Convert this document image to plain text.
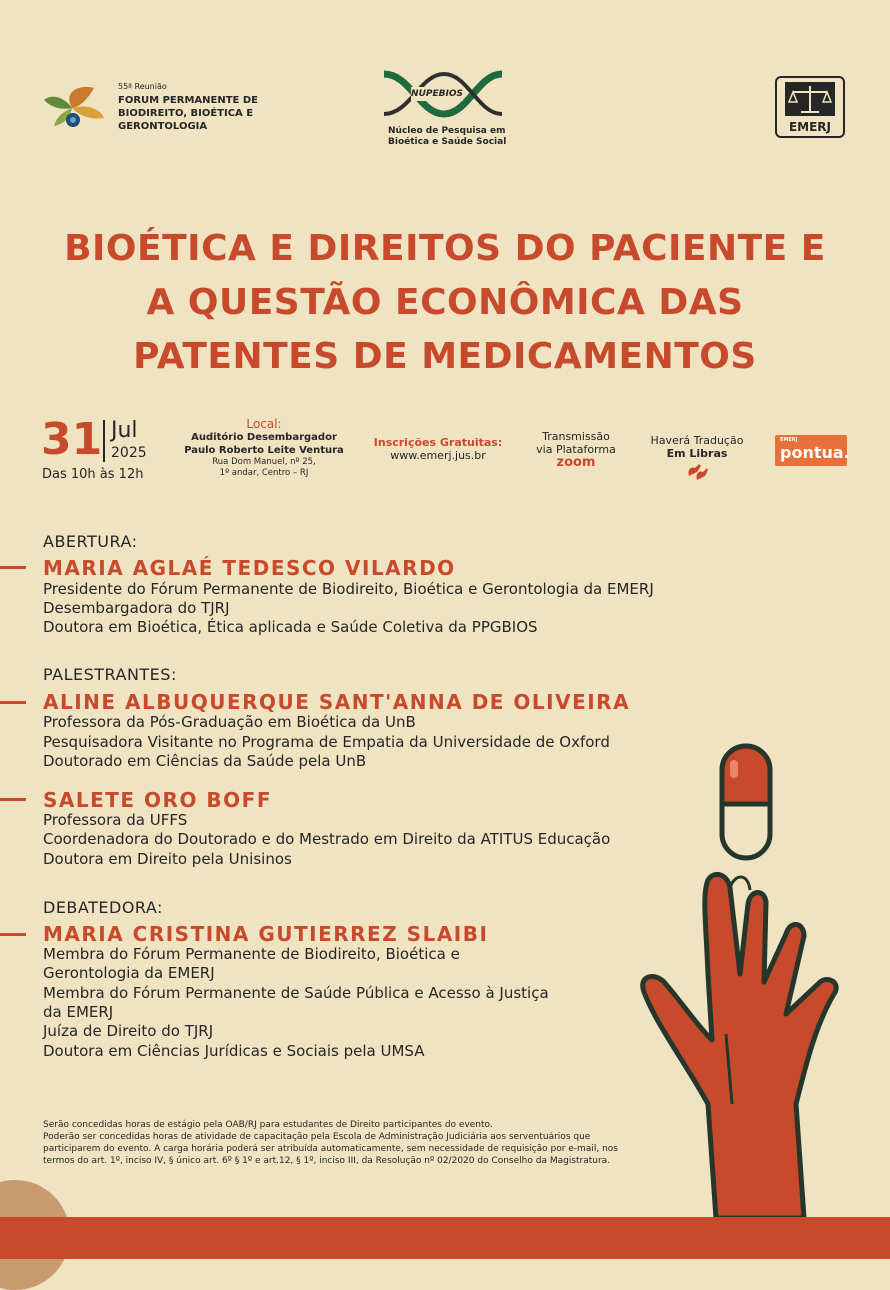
55ª Reunião
FORUM PERMANENTE DE
BIODIREITO, BIOÉTICA E
GERONTOLOGIA
NUPEBIOS
Núcleo de Pesquisa em
Bioética e Saúde Social
EMERJ
BIOÉTICA E DIREITOS DO PACIENTE E
A QUESTÃO ECONÔMICA DAS
PATENTES DE MEDICAMENTOS
31 Jul
2025
Das 10h às 12h
Local:
Auditório Desembargador
Paulo Roberto Leite Ventura
Rua Dom Manuel, nº 25,
1º andar, Centro – RJ
Inscrições Gratuitas:
www.emerj.jus.br
Transmissão
via Plataforma
zoom
Haverá Tradução
Em Libras
EMERJ
pontua.
ABERTURA:
MARIA AGLAÉ TEDESCO VILARDO
Presidente do Fórum Permanente de Biodireito, Bioética e Gerontologia da EMERJ
Desembargadora do TJRJ
Doutora em Bioética, Ética aplicada e Saúde Coletiva da PPGBIOS
PALESTRANTES:
ALINE ALBUQUERQUE SANT'ANNA DE OLIVEIRA
Professora da Pós-Graduação em Bioética da UnB
Pesquisadora Visitante no Programa de Empatia da Universidade de Oxford
Doutorado em Ciências da Saúde pela UnB
SALETE ORO BOFF
Professora da UFFS
Coordenadora do Doutorado e do Mestrado em Direito da ATITUS Educação
Doutora em Direito pela Unisinos
DEBATEDORA:
MARIA CRISTINA GUTIERREZ SLAIBI
Membra do Fórum Permanente de Biodireito, Bioética e
Gerontologia da EMERJ
Membra do Fórum Permanente de Saúde Pública e Acesso à Justiça
da EMERJ
Juíza de Direito do TJRJ
Doutora em Ciências Jurídicas e Sociais pela UMSA
Serão concedidas horas de estágio pela OAB/RJ para estudantes de Direito participantes do evento.
Poderão ser concedidas horas de atividade de capacitação pela Escola de Administração Judiciária aos serventuários que
participarem do evento. A carga horária poderá ser atribuída automaticamente, sem necessidade de requisição por e-mail, nos
termos do art. 1º, inciso IV, § único art. 6º § 1º e art.12, § 1º, inciso III, da Resolução nº 02/2020 do Conselho da Magistratura.
